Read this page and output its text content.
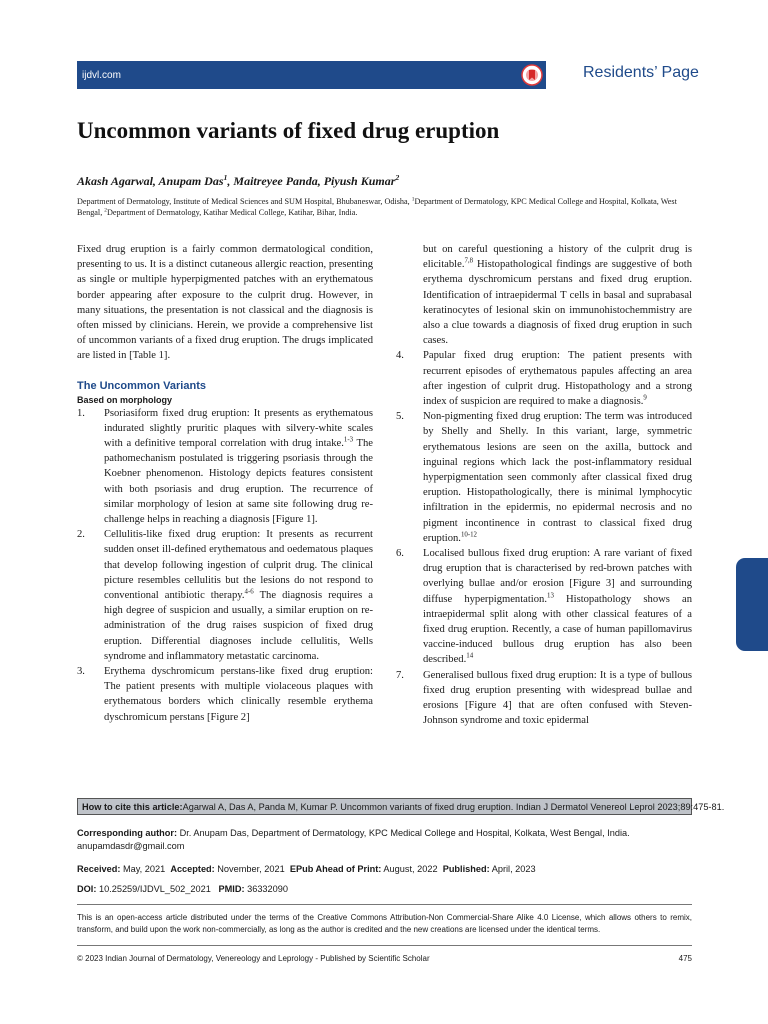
ijdvl.com	Residents’ Page
Uncommon variants of fixed drug eruption
Akash Agarwal, Anupam Das$^1$, Maitreyee Panda, Piyush Kumar$^2$
Department of Dermatology, Institute of Medical Sciences and SUM Hospital, Bhubaneswar, Odisha, $^1$Department of Dermatology, KPC Medical College and Hospital, Kolkata, West Bengal, $^2$Department of Dermatology, Katihar Medical College, Katihar, Bihar, India.

Fixed drug eruption is a fairly common dermatological condition, presenting to us. It is a distinct cutaneous allergic reaction, presenting as single or multiple hyperpigmented patches with an erythematous border appearing after exposure to the culprit drug. However, in many situations, the presentation is not classical and the diagnosis is often missed by clinicians. Herein, we provide a comprehensive list of uncommon variants of a fixed drug eruption. The drugs implicated are listed in [Table 1].

The Uncommon Variants
Based on morphology
1.	Psoriasiform fixed drug eruption: It presents as erythematous indurated slightly pruritic plaques with silvery-white scales with a definitive temporal correlation with drug intake.$^{1-3}$ The pathomechanism postulated is triggering psoriasis through the Koebner phenomenon. Histology depicts features consistent with both psoriasis and drug eruption. The recurrence of similar morphology of lesion at same site following drug re-challenge helps in reaching a diagnosis [Figure 1].
2.	Cellulitis-like fixed drug eruption: It presents as recurrent sudden onset ill-defined erythematous and oedematous plaques that develop following ingestion of culprit drug. The clinical picture resembles cellulitis but the lesions do not respond to conventional antibiotic therapy.$^{4-6}$ The diagnosis requires a high degree of suspicion and usually, a similar eruption on re-administration of the drug raises suspicion of fixed drug eruption. Differential diagnoses include cellulitis, Wells syndrome and inflammatory metastatic carcinoma.
3.	Erythema dyschromicum perstans-like fixed drug eruption: The patient presents with multiple violaceous plaques with erythematous borders which clinically resemble erythema dyschromicum perstans [Figure 2]
but on careful questioning a history of the culprit drug is elicitable.$^{7,8}$ Histopathological findings are suggestive of both erythema dyschromicum perstans and fixed drug eruption. Identification of intraepidermal T cells in basal and suprabasal keratinocytes of lesional skin on immunohistochemmistry are also a clue towards a diagnosis of fixed drug eruption in such cases.
4.	Papular fixed drug eruption: The patient presents with recurrent episodes of erythematous papules affecting an area after ingestion of culprit drug. Histopathology and a strong index of suspicion are required to make a diagnosis.$^9$
5.	Non-pigmenting fixed drug eruption: The term was introduced by Shelly and Shelly. In this variant, large, symmetric erythematous lesions are seen on the axilla, buttock and inguinal regions which lack the post-inflammatory residual hyperpigmentation seen commonly after classical fixed drug eruption. Histopathologically, there is minimal lymphocytic infiltration in the epidermis, no epidermal necrosis and no pigment incontinence in contrast to classical fixed drug eruption.$^{10-12}$
6.	Localised bullous fixed drug eruption: A rare variant of fixed drug eruption that is characterised by red-brown patches with overlying bullae and/or erosion [Figure 3] and surrounding diffuse hyperpigmentation.$^{13}$ Histopathology shows an intraepidermal split along with other classical features of a fixed drug eruption. Recently, a case of human papillomavirus vaccine-induced bullous drug eruption has also been described.$^{14}$
7.	Generalised bullous fixed drug eruption: It is a type of bullous fixed drug eruption presenting with widespread bullae and erosions [Figure 4] that are often confused with Steven-Johnson syndrome and toxic epidermal
How to cite this article: Agarwal A, Das A, Panda M, Kumar P. Uncommon variants of fixed drug eruption. Indian J Dermatol Venereol Leprol 2023;89:475-81.
Corresponding author: Dr. Anupam Das, Department of Dermatology, KPC Medical College and Hospital, Kolkata, West Bengal, India.
anupamdasdr@gmail.com
Received: May, 2021 Accepted: November, 2021 EPub Ahead of Print: August, 2022 Published: April, 2023
DOI: 10.25259/IJDVL_502_2021 PMID: 36332090
This is an open-access article distributed under the terms of the Creative Commons Attribution-Non Commercial-Share Alike 4.0 License, which allows others to remix, transform, and build upon the work non-commercially, as long as the author is credited and the new creations are licensed under the identical terms.
© 2023 Indian Journal of Dermatology, Venereology and Leprology - Published by Scientific Scholar	475
